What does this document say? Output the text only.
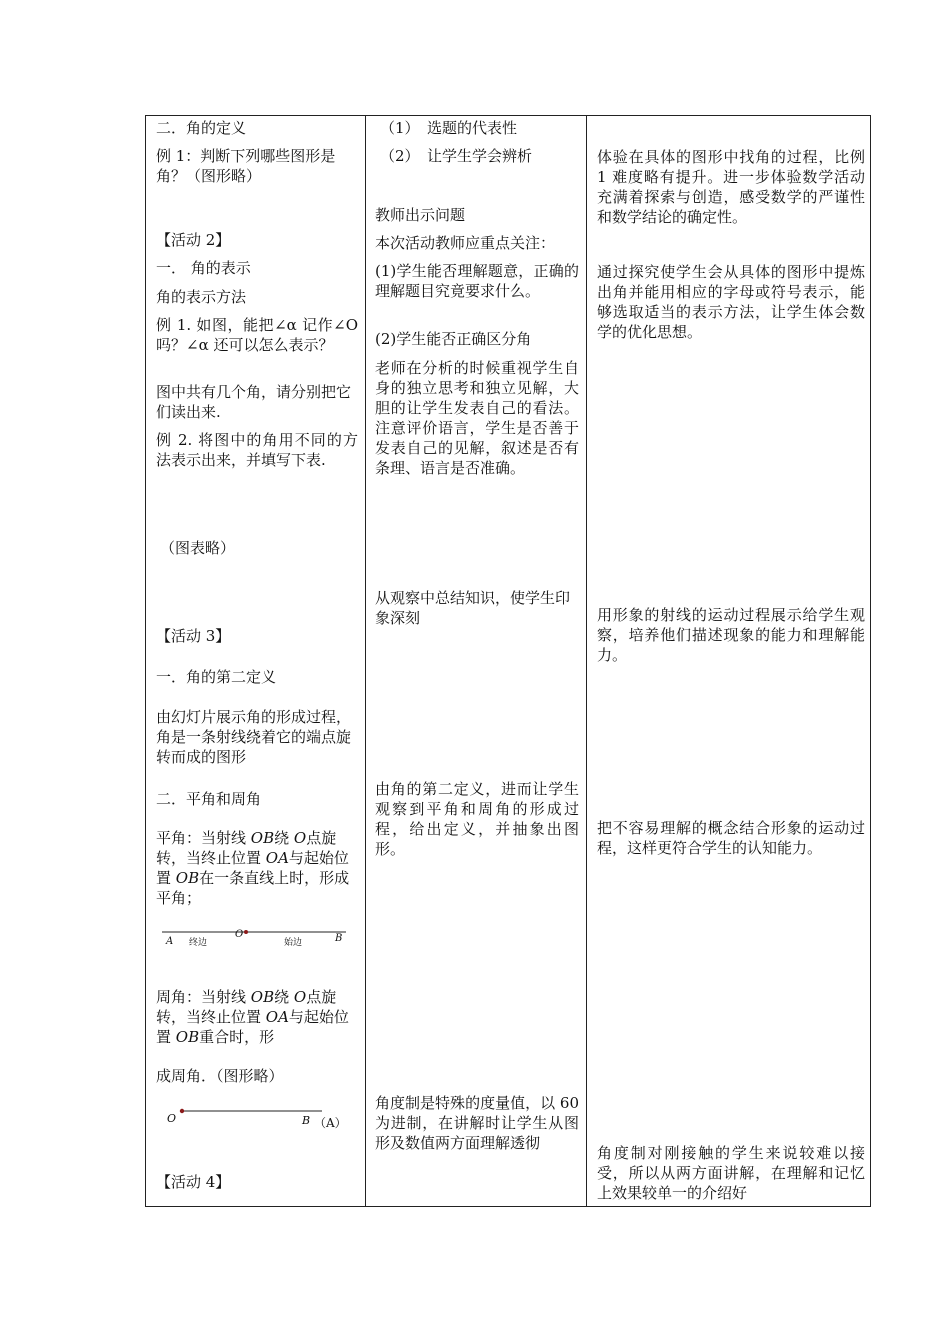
二．角的定义
例 1：判断下列哪些图形是角？（图形略）
【活动 2】
一． 角的表示
角的表示方法
例 1. 如图，能把∠α 记作∠O 吗？∠α 还可以怎么表示？
图中共有几个角，请分别把它们读出来.
例 2. 将图中的角用不同的方法表示出来，并填写下表.
（图表略）
【活动 3】
一．角的第二定义
由幻灯片展示角的形成过程，角是一条射线绕着它的端点旋转而成的图形
二．平角和周角
平角：当射线 OB绕 O点旋转，当终止位置 OA与起始位置 OB在一条直线上时，形成平角；
A 终边
O
始边	B
周角：当射线 OB绕 O点旋转，当终止位置 OA与起始位置 OB重合时，形
成周角．（图形略）
O	B （A）
【活动 4】
（1）　选题的代表性
（2）　让学生学会辨析
教师出示问题
本次活动教师应重点关注：
(1)学生能否理解题意，正确的理解题目究竟要求什么。
(2)学生能否正确区分角
老师在分析的时候重视学生自身的独立思考和独立见解，大胆的让学生发表自己的看法。注意评价语言，学生是否善于发表自己的见解，叙述是否有条理、语言是否准确。
从观察中总结知识，使学生印象深刻
由角的第二定义，进而让学生观察到平角和周角的形成过程，给出定义，并抽象出图形。
角度制是特殊的度量值，以 60 为进制，在讲解时让学生从图形及数值两方面理解透彻
体验在具体的图形中找角的过程，比例 1 难度略有提升。进一步体验数学活动充满着探索与创造，感受数学的严谨性和数学结论的确定性。
通过探究使学生会从具体的图形中提炼出角并能用相应的字母或符号表示，能够选取适当的表示方法，让学生体会数学的优化思想。
用形象的射线的运动过程展示给学生观察，培养他们描述现象的能力和理解能力。
把不容易理解的概念结合形象的运动过程，这样更符合学生的认知能力。
角度制对刚接触的学生来说较难以接受，所以从两方面讲解，在理解和记忆上效果较单一的介绍好
